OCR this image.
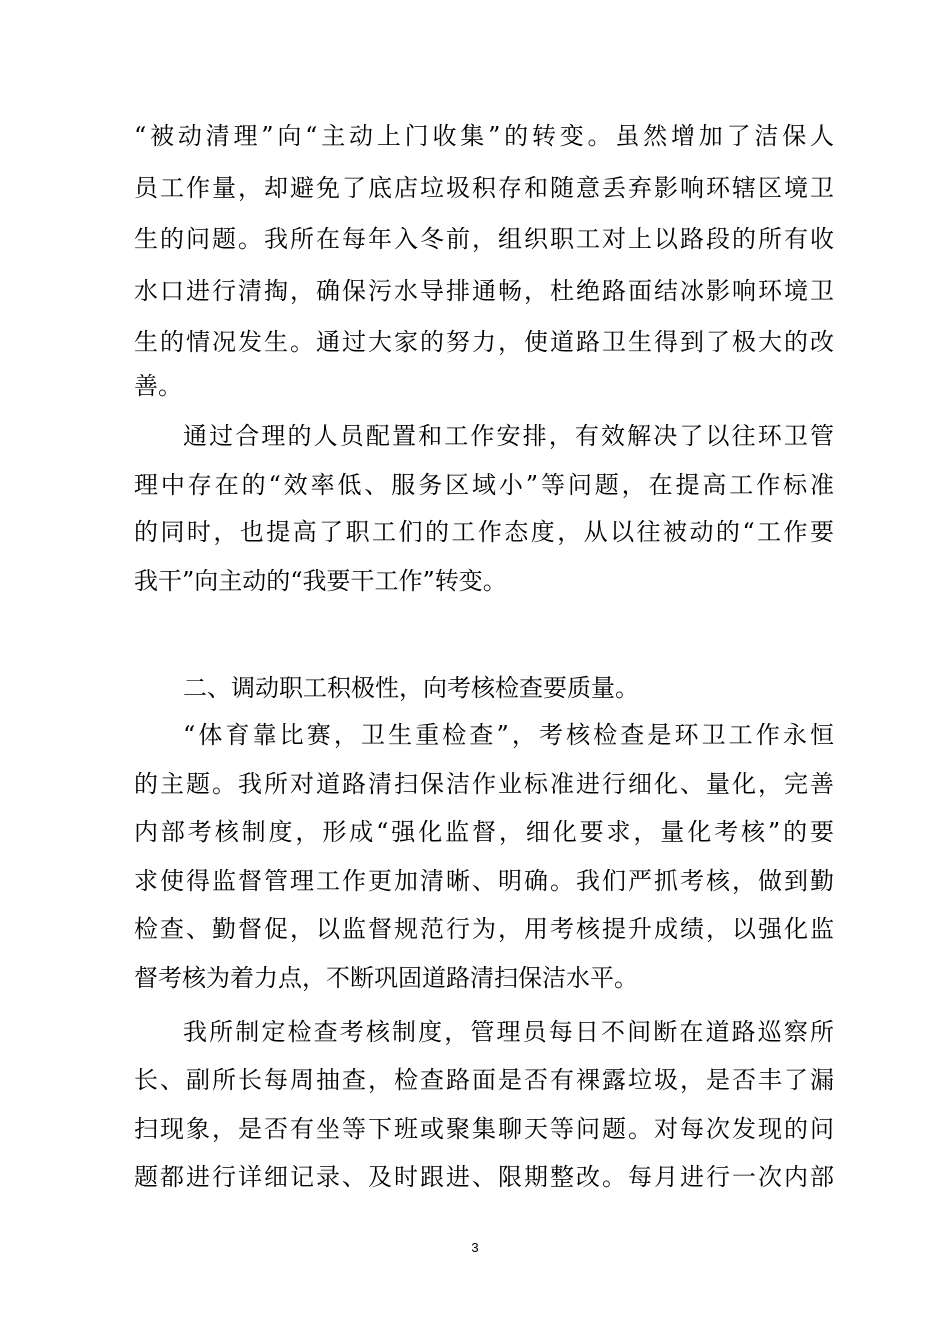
“被动清理”向“主动上门收集”的转变。虽然增加了洁保人
员工作量，却避免了底店垃圾积存和随意丢弃影响环辖区境卫
生的问题。我所在每年入冬前，组织职工对上以路段的所有收
水口进行清掏，确保污水导排通畅，杜绝路面结冰影响环境卫
生的情况发生。通过大家的努力，使道路卫生得到了极大的改
善。
通过合理的人员配置和工作安排，有效解决了以往环卫管
理中存在的“效率低、服务区域小”等问题，在提高工作标准
的同时，也提高了职工们的工作态度，从以往被动的“工作要
我干”向主动的“我要干工作”转变。
二、调动职工积极性，向考核检查要质量。
“体育靠比赛，卫生重检查”，考核检查是环卫工作永恒
的主题。我所对道路清扫保洁作业标准进行细化、量化，完善
内部考核制度，形成“强化监督，细化要求，量化考核”的要
求使得监督管理工作更加清晰、明确。我们严抓考核，做到勤
检查、勤督促，以监督规范行为，用考核提升成绩，以强化监
督考核为着力点，不断巩固道路清扫保洁水平。
我所制定检查考核制度，管理员每日不间断在道路巡察所
长、副所长每周抽查，检查路面是否有裸露垃圾，是否丰了漏
扫现象，是否有坐等下班或聚集聊天等问题。对每次发现的问
题都进行详细记录、及时跟进、限期整改。每月进行一次内部
3
